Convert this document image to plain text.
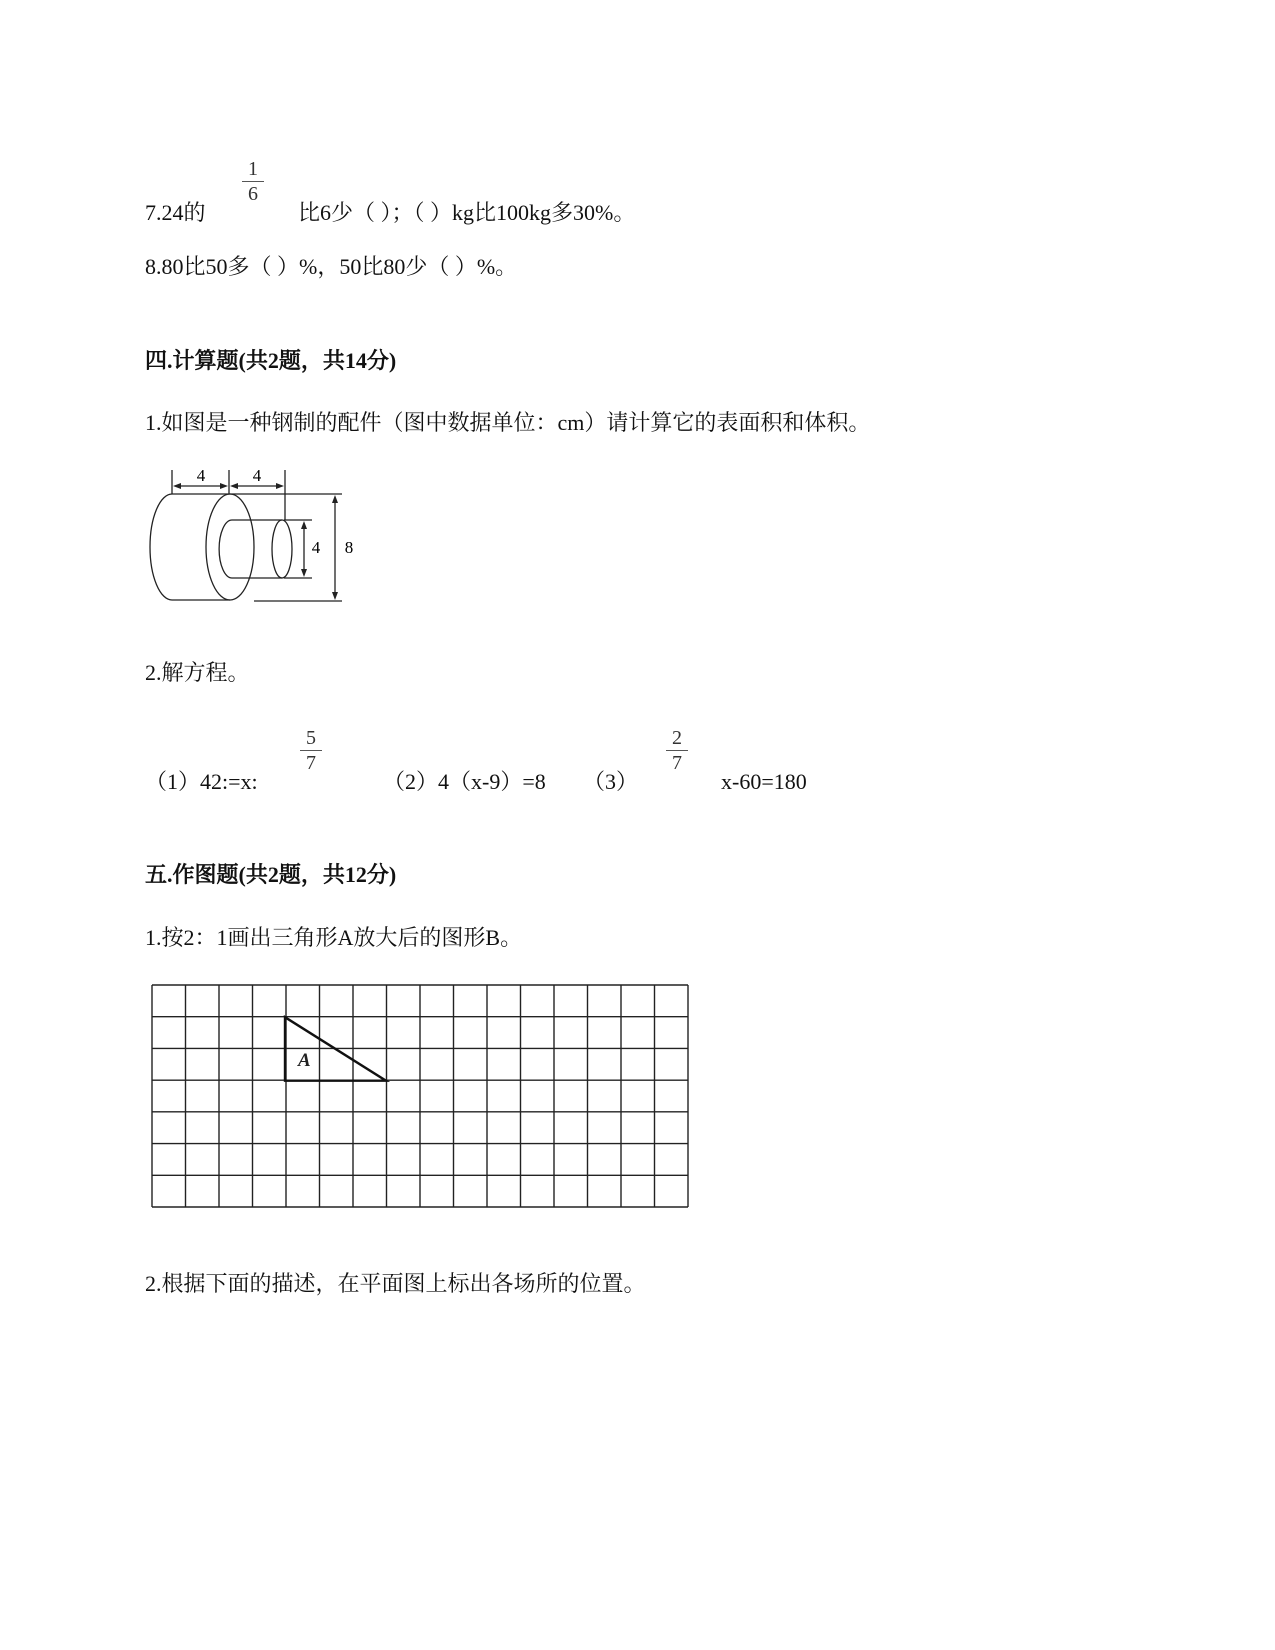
7.24的
1
6
比6少（ ）；（ ）kg比100kg多30%。
8.80比50多（ ）%，50比80少（ ）%。
四.计算题(共2题，共14分)
1.如图是一种钢制的配件（图中数据单位：cm）请计算它的表面积和体积。
4	4
4 8
2.解方程。
（1）42:=x:
5
7
（2）4（x-9）=8 （3）
2
7
x-60=180
五.作图题(共2题，共12分)
1.按2：1画出三角形A放大后的图形B。
A
2.根据下面的描述，在平面图上标出各场所的位置。
